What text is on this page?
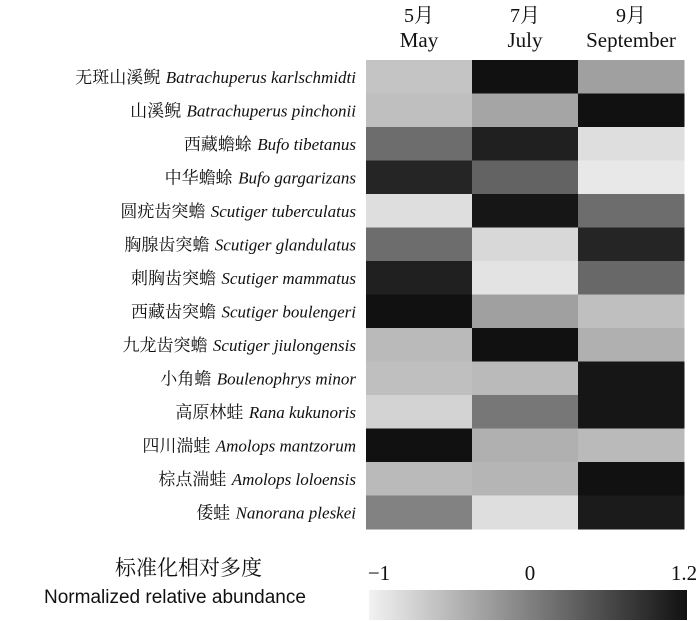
5月
May
7月
July
9月
September
无斑山溪鲵 Batrachuperus karlschmidti
山溪鲵 Batrachuperus pinchonii
西藏蟾蜍 Bufo tibetanus
中华蟾蜍 Bufo gargarizans
圆疣齿突蟾 Scutiger tuberculatus
胸腺齿突蟾 Scutiger glandulatus
刺胸齿突蟾 Scutiger mammatus
西藏齿突蟾 Scutiger boulengeri
九龙齿突蟾 Scutiger jiulongensis
小角蟾 Boulenophrys minor
高原林蛙 Rana kukunoris
四川湍蛙 Amolops mantzorum
棕点湍蛙 Amolops loloensis
倭蛙 Nanorana pleskei
标准化相对多度
Normalized relative abundance
−1	0	1.2
